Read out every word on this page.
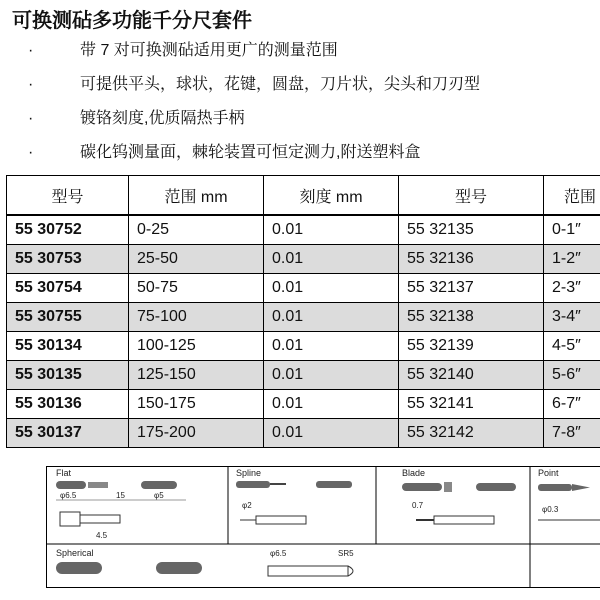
可换测砧多功能千分尺套件
·	带 7 对可换测砧适用更广的测量范围
·	可提供平头，球状，花键，圆盘，刀片状，尖头和刀刃型
·	镀铬刻度,优质隔热手柄
·	碳化钨测量面，棘轮装置可恒定测力,附送塑料盒
型号	范围 mm	刻度 mm	型号	范围
55 30752	0-25	0.01	55 32135	0-1″
55 30753	25-50	0.01	55 32136	1-2″
55 30754	50-75	0.01	55 32137	2-3″
55 30755	75-100	0.01	55 32138	3-4″
55 30134	100-125	0.01	55 32139	4-5″
55 30135	125-150	0.01	55 32140	5-6″
55 30136	150-175	0.01	55 32141	6-7″
55 30137	175-200	0.01	55 32142	7-8″
Flat
φ6.5	15	φ5
4.5
Spline
φ2
Blade
0.7
Point
φ0.3
Spherical	φ6.5	SR5
